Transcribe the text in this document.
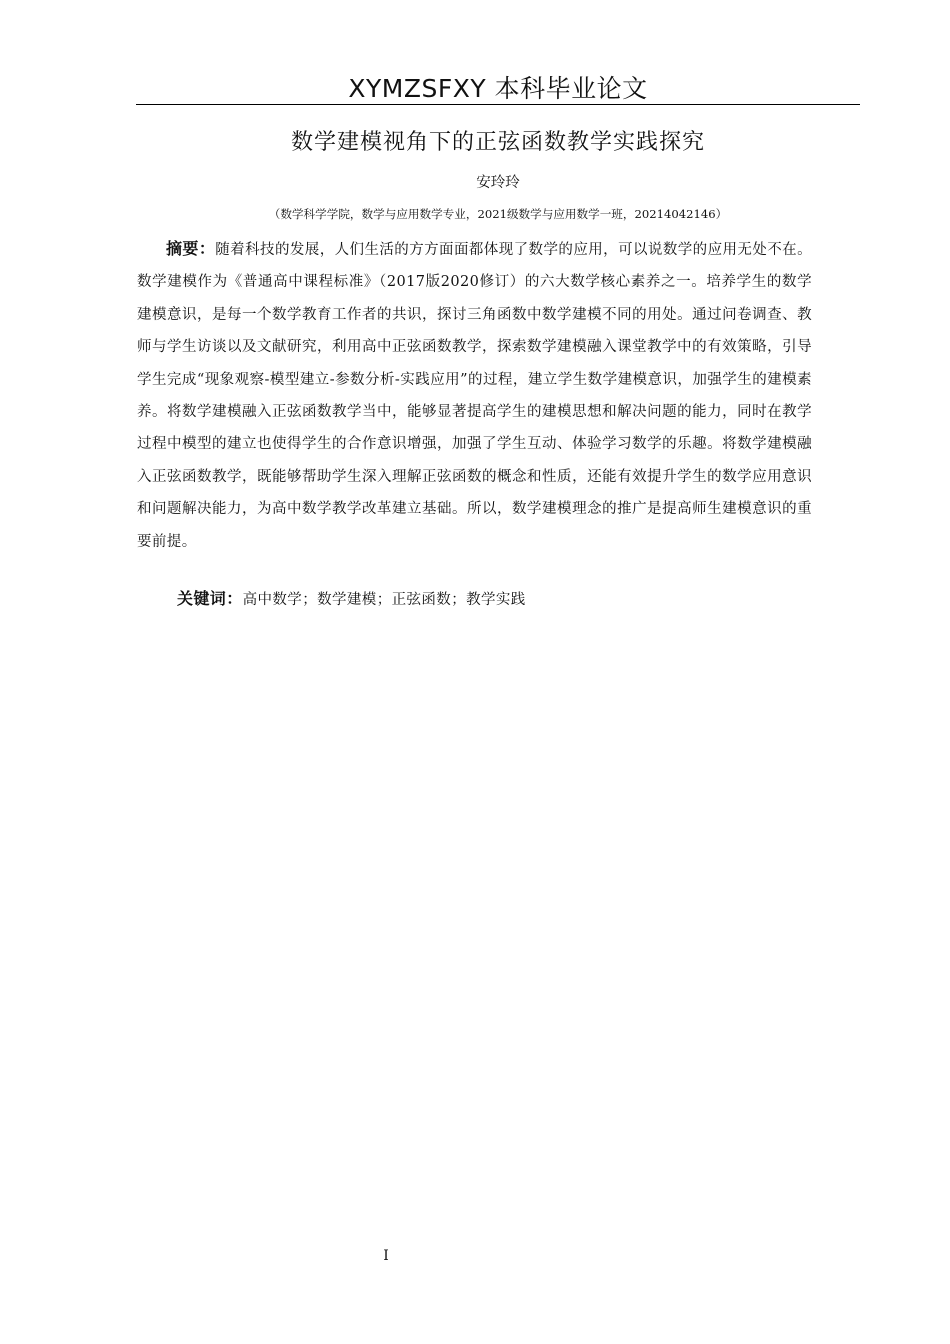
XYMZSFXY 本科毕业论文
数学建模视角下的正弦函数教学实践探究
安玲玲
（数学科学学院，数学与应用数学专业，2021级数学与应用数学一班，20214042146）

摘要：随着科技的发展，人们生活的方方面面都体现了数学的应用，可以说数学的应用无处不在。数学建模作为《普通高中课程标准》（2017版2020修订）的六大数学核心素养之一。培养学生的数学建模意识，是每一个数学教育工作者的共识，探讨三角函数中数学建模不同的用处。通过问卷调查、教师与学生访谈以及文献研究，利用高中正弦函数教学，探索数学建模融入课堂教学中的有效策略，引导学生完成“现象观察-模型建立-参数分析-实践应用”的过程，建立学生数学建模意识，加强学生的建模素养。将数学建模融入正弦函数教学当中，能够显著提高学生的建模思想和解决问题的能力，同时在教学过程中模型的建立也使得学生的合作意识增强，加强了学生互动、体验学习数学的乐趣。将数学建模融入正弦函数教学，既能够帮助学生深入理解正弦函数的概念和性质，还能有效提升学生的数学应用意识和问题解决能力，为高中数学教学改革建立基础。所以，数学建模理念的推广是提高师生建模意识的重要前提。

关键词：高中数学；数学建模；正弦函数；教学实践

I
